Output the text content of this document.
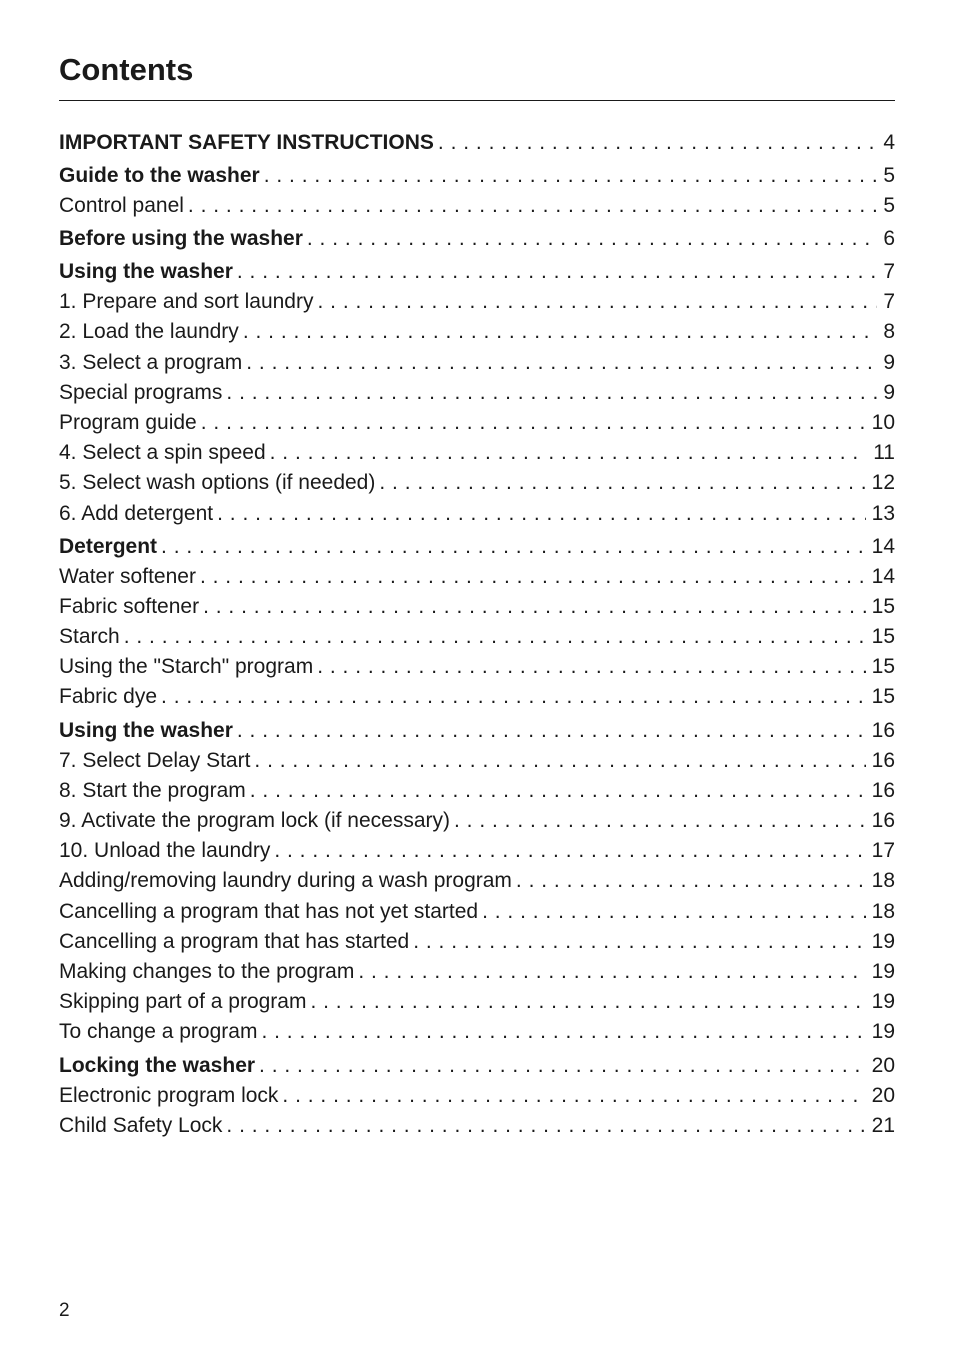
Contents
IMPORTANT SAFETY INSTRUCTIONS . . .	4
Guide to the washer . . .	5
Control panel . . .	5
Before using the washer . . .	6
Using the washer . . .	7
1. Prepare and sort laundry . . .	7
2. Load the laundry . . .	8
3. Select a program . . .	9
Special programs . . .	9
Program guide . . .	10
4. Select a spin speed . . .	11
5. Select wash options (if needed) . . .	12
6. Add detergent . . .	13
Detergent . . .	14
Water softener . . .	14
Fabric softener . . .	15
Starch . . .	15
Using the "Starch" program . . .	15
Fabric dye . . .	15
Using the washer . . .	16
7. Select Delay Start . . .	16
8. Start the program . . .	16
9. Activate the program lock (if necessary) . . .	16
10. Unload the laundry . . .	17
Adding/removing laundry during a wash program . . .	18
Cancelling a program that has not yet started . . .	18
Cancelling a program that has started . . .	19
Making changes to the program . . .	19
Skipping part of a program . . .	19
To change a program . . .	19
Locking the washer . . .	20
Electronic program lock . . .	20
Child Safety Lock . . .	21
2
